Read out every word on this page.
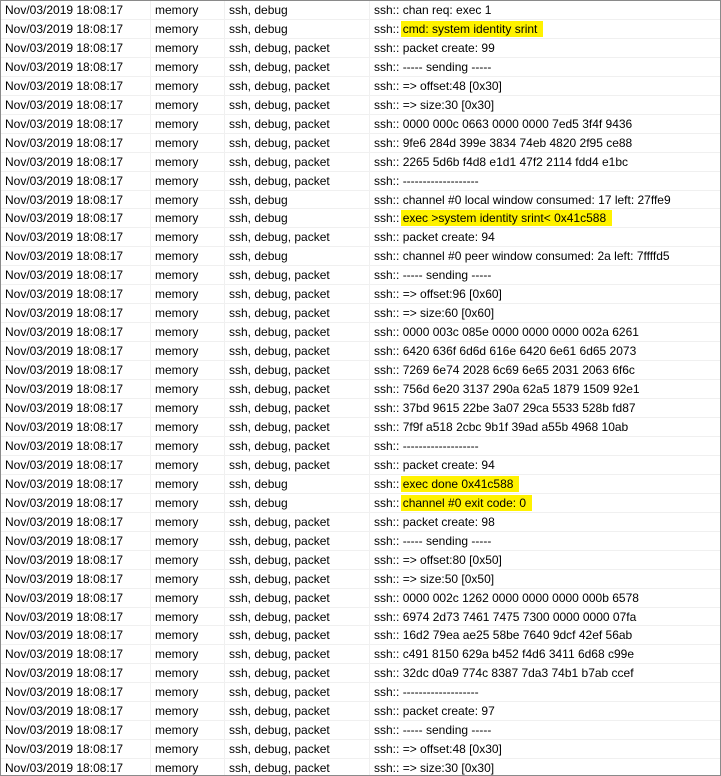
Nov/03/2019 18:08:17	memory	ssh, debug	ssh:: chan req: exec 1
Nov/03/2019 18:08:17	memory	ssh, debug	ssh:: cmd: system identity srint
Nov/03/2019 18:08:17	memory	ssh, debug, packet	ssh:: packet create: 99
Nov/03/2019 18:08:17	memory	ssh, debug, packet	ssh:: ----- sending -----
Nov/03/2019 18:08:17	memory	ssh, debug, packet	ssh:: => offset:48 [0x30]
Nov/03/2019 18:08:17	memory	ssh, debug, packet	ssh:: => size:30 [0x30]
Nov/03/2019 18:08:17	memory	ssh, debug, packet	ssh:: 0000 000c 0663 0000 0000 7ed5 3f4f 9436
Nov/03/2019 18:08:17	memory	ssh, debug, packet	ssh:: 9fe6 284d 399e 3834 74eb 4820 2f95 ce88
Nov/03/2019 18:08:17	memory	ssh, debug, packet	ssh:: 2265 5d6b f4d8 e1d1 47f2 2114 fdd4 e1bc
Nov/03/2019 18:08:17	memory	ssh, debug, packet	ssh:: -------------------
Nov/03/2019 18:08:17	memory	ssh, debug	ssh:: channel #0 local window consumed: 17 left: 27ffe9
Nov/03/2019 18:08:17	memory	ssh, debug	ssh:: exec >system identity srint< 0x41c588
Nov/03/2019 18:08:17	memory	ssh, debug, packet	ssh:: packet create: 94
Nov/03/2019 18:08:17	memory	ssh, debug	ssh:: channel #0 peer window consumed: 2a left: 7ffffd5
Nov/03/2019 18:08:17	memory	ssh, debug, packet	ssh:: ----- sending -----
Nov/03/2019 18:08:17	memory	ssh, debug, packet	ssh:: => offset:96 [0x60]
Nov/03/2019 18:08:17	memory	ssh, debug, packet	ssh:: => size:60 [0x60]
Nov/03/2019 18:08:17	memory	ssh, debug, packet	ssh:: 0000 003c 085e 0000 0000 0000 002a 6261
Nov/03/2019 18:08:17	memory	ssh, debug, packet	ssh:: 6420 636f 6d6d 616e 6420 6e61 6d65 2073
Nov/03/2019 18:08:17	memory	ssh, debug, packet	ssh:: 7269 6e74 2028 6c69 6e65 2031 2063 6f6c
Nov/03/2019 18:08:17	memory	ssh, debug, packet	ssh:: 756d 6e20 3137 290a 62a5 1879 1509 92e1
Nov/03/2019 18:08:17	memory	ssh, debug, packet	ssh:: 37bd 9615 22be 3a07 29ca 5533 528b fd87
Nov/03/2019 18:08:17	memory	ssh, debug, packet	ssh:: 7f9f a518 2cbc 9b1f 39ad a55b 4968 10ab
Nov/03/2019 18:08:17	memory	ssh, debug, packet	ssh:: -------------------
Nov/03/2019 18:08:17	memory	ssh, debug, packet	ssh:: packet create: 94
Nov/03/2019 18:08:17	memory	ssh, debug	ssh:: exec done 0x41c588
Nov/03/2019 18:08:17	memory	ssh, debug	ssh:: channel #0 exit code: 0
Nov/03/2019 18:08:17	memory	ssh, debug, packet	ssh:: packet create: 98
Nov/03/2019 18:08:17	memory	ssh, debug, packet	ssh:: ----- sending -----
Nov/03/2019 18:08:17	memory	ssh, debug, packet	ssh:: => offset:80 [0x50]
Nov/03/2019 18:08:17	memory	ssh, debug, packet	ssh:: => size:50 [0x50]
Nov/03/2019 18:08:17	memory	ssh, debug, packet	ssh:: 0000 002c 1262 0000 0000 0000 000b 6578
Nov/03/2019 18:08:17	memory	ssh, debug, packet	ssh:: 6974 2d73 7461 7475 7300 0000 0000 07fa
Nov/03/2019 18:08:17	memory	ssh, debug, packet	ssh:: 16d2 79ea ae25 58be 7640 9dcf 42ef 56ab
Nov/03/2019 18:08:17	memory	ssh, debug, packet	ssh:: c491 8150 629a b452 f4d6 3411 6d68 c99e
Nov/03/2019 18:08:17	memory	ssh, debug, packet	ssh:: 32dc d0a9 774c 8387 7da3 74b1 b7ab ccef
Nov/03/2019 18:08:17	memory	ssh, debug, packet	ssh:: -------------------
Nov/03/2019 18:08:17	memory	ssh, debug, packet	ssh:: packet create: 97
Nov/03/2019 18:08:17	memory	ssh, debug, packet	ssh:: ----- sending -----
Nov/03/2019 18:08:17	memory	ssh, debug, packet	ssh:: => offset:48 [0x30]
Nov/03/2019 18:08:17	memory	ssh, debug, packet	ssh:: => size:30 [0x30]
